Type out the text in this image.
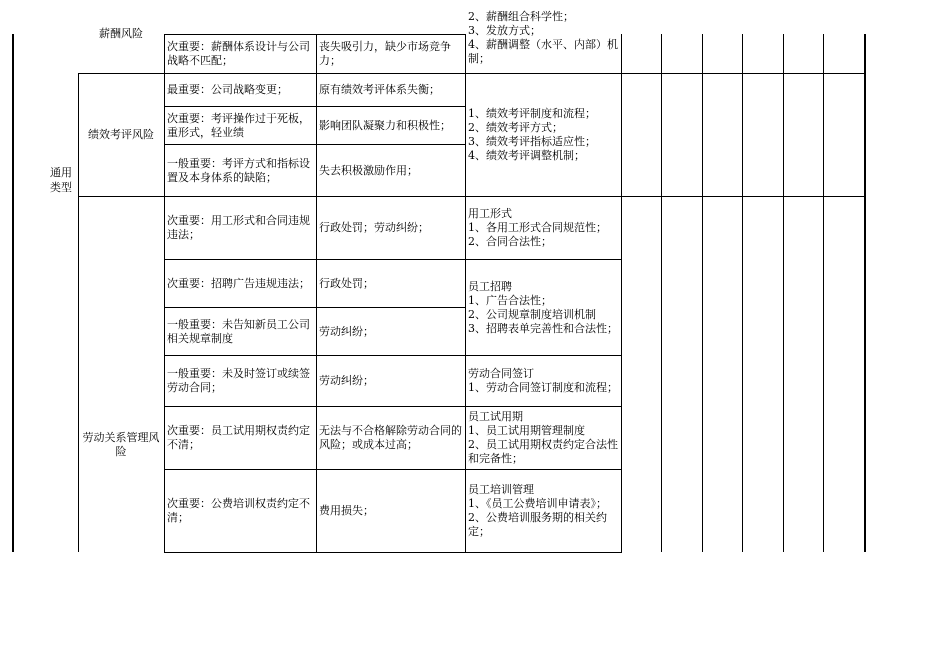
通用类型
薪酬风险
次重要：薪酬体系设计与公司战略不匹配；
丧失吸引力，缺少市场竞争力；
2、薪酬组合科学性；
3、发放方式；
4、薪酬调整（水平、内部）机制；
绩效考评风险
最重要：公司战略变更；	原有绩效考评体系失衡；
次重要：考评操作过于死板，重形式，轻业绩
影响团队凝聚力和积极性；
一般重要：考评方式和指标设置及本身体系的缺陷；
失去积极激励作用；
1、绩效考评制度和流程；
2、绩效考评方式；
3、绩效考评指标适应性；
4、绩效考评调整机制；
劳动关系管理风险
次重要：用工形式和合同违规违法；
行政处罚；劳动纠纷；
次重要：招聘广告违规违法； 行政处罚；
一般重要：未告知新员工公司相关规章制度
劳动纠纷；
一般重要：未及时签订或续签劳动合同；
劳动纠纷；
次重要：员工试用期权责约定不清；
无法与不合格解除劳动合同的风险；或成本过高；
次重要：公费培训权责约定不清；
费用损失；
用工形式
1、各用工形式合同规范性；
2、合同合法性；
员工招聘
1、广告合法性；
2、公司规章制度培训机制
3、招聘表单完善性和合法性；
劳动合同签订
1、劳动合同签订制度和流程；
员工试用期
1、员工试用期管理制度
2、员工试用期权责约定合法性和完备性；
员工培训管理
1、《员工公费培训申请表》；
2、公费培训服务期的相关约定；
